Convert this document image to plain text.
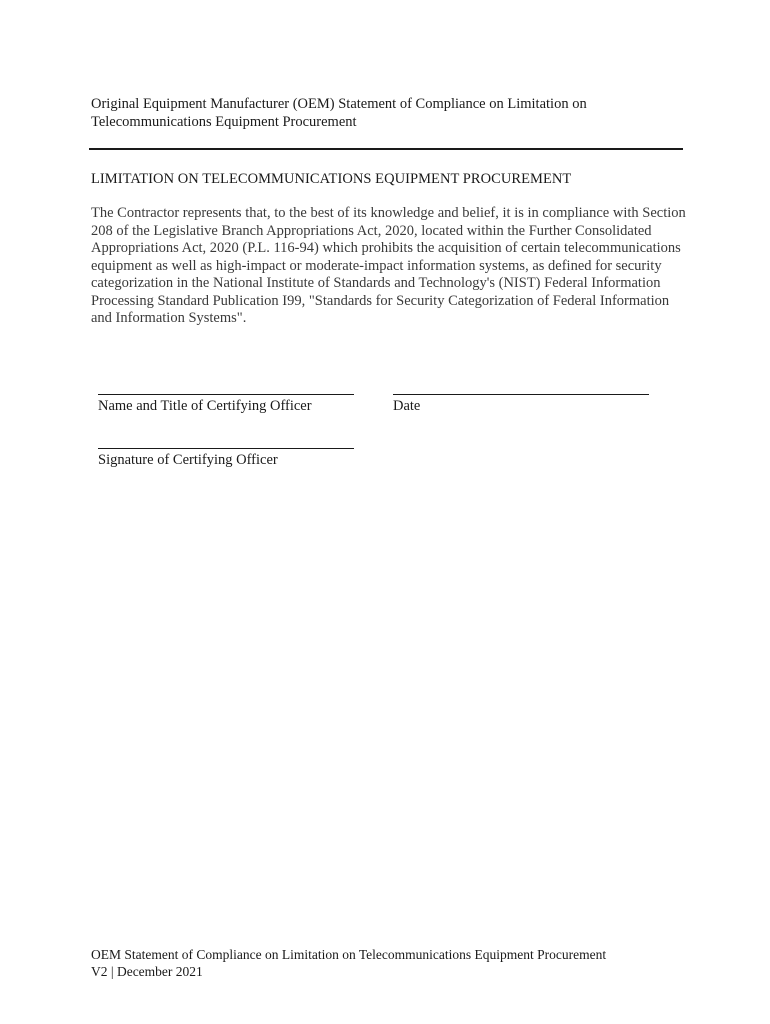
Original Equipment Manufacturer (OEM) Statement of Compliance on Limitation on
Telecommunications Equipment Procurement
LIMITATION ON TELECOMMUNICATIONS EQUIPMENT PROCUREMENT
The Contractor represents that, to the best of its knowledge and belief, it is in compliance with Section 208 of the Legislative Branch Appropriations Act, 2020, located within the Further Consolidated Appropriations Act, 2020 (P.L. 116-94) which prohibits the acquisition of certain telecommunications equipment as well as high-impact or moderate-impact information systems, as defined for security categorization in the National Institute of Standards and Technology's (NIST) Federal Information Processing Standard Publication I99, "Standards for Security Categorization of Federal Information and Information Systems".
Name and Title of Certifying Officer	Date
Signature of Certifying Officer
OEM Statement of Compliance on Limitation on Telecommunications Equipment Procurement
V2 | December 2021
